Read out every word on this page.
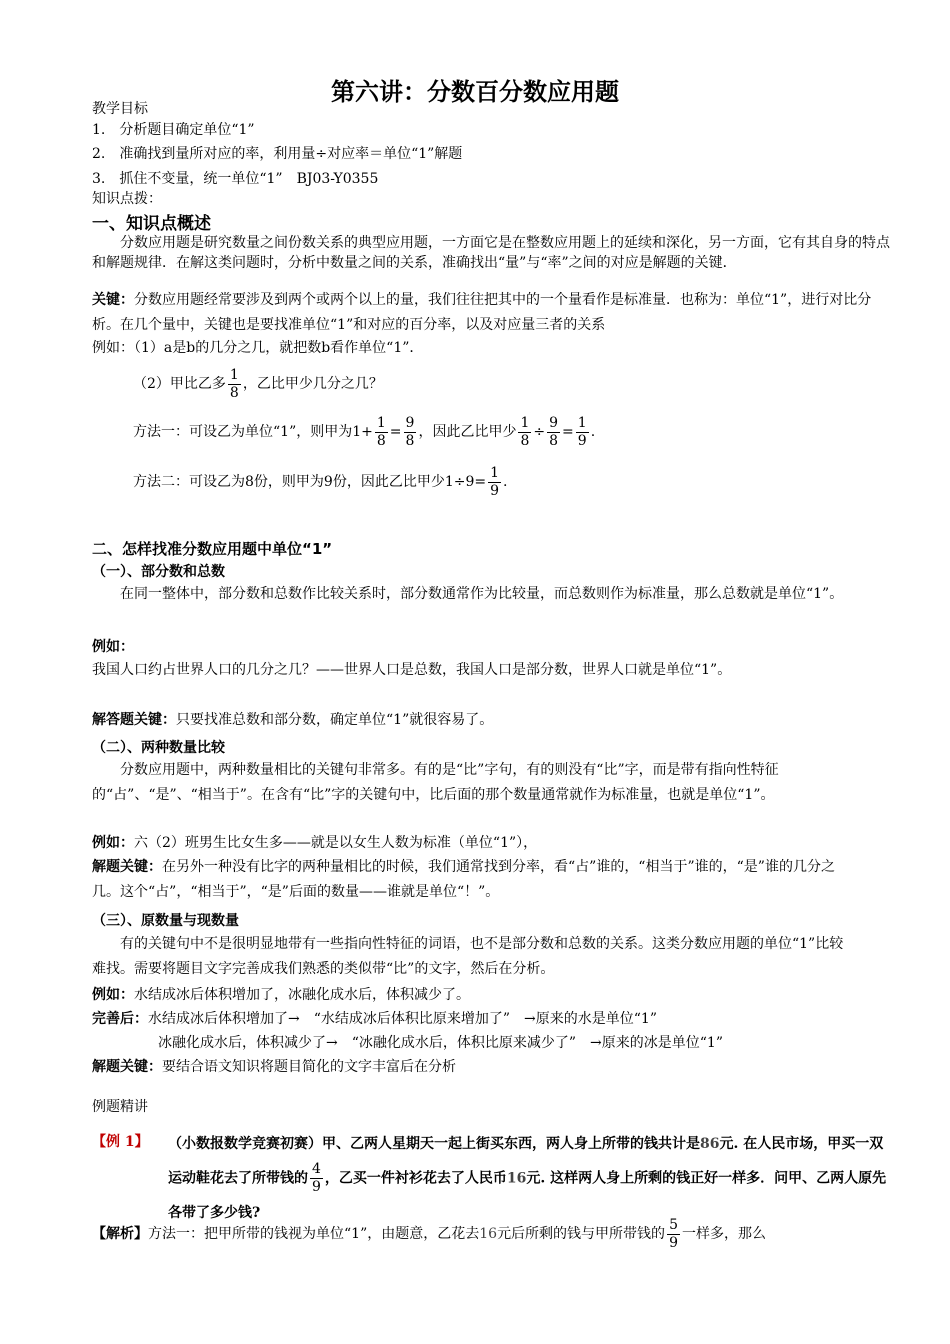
第六讲：分数百分数应用题
教学目标
1.　分析题目确定单位“1”
2.　准确找到量所对应的率，利用量÷对应率＝单位“1”解题
3.　抓住不变量，统一单位“1”　BJ03-Y0355
知识点拨：
一、知识点概述
分数应用题是研究数量之间份数关系的典型应用题，一方面它是在整数应用题上的延续和深化，另一方面，它有其自身的特点和解题规律．在解这类问题时，分析中数量之间的关系，准确找出“量”与“率”之间的对应是解题的关键．
关键：分数应用题经常要涉及到两个或两个以上的量，我们往往把其中的一个量看作是标准量．也称为：单位“1”，进行对比分析。在几个量中，关键也是要找准单位“1”和对应的百分率，以及对应量三者的关系
例如：（1）a是b的几分之几，就把数b看作单位“1”．
（2）甲比乙多 $\frac{1}{8}$ ，乙比甲少几分之几？
方法一：可设乙为单位“1”，则甲为$1+ \frac{1}{8} = \frac{9}{8}$ ，因此乙比甲少 $\frac{1}{8} \div \frac{9}{8} = \frac{1}{9}$ .
方法二：可设乙为8份，则甲为9份，因此乙比甲少$1\div 9= \frac{1}{9}$ .
二、怎样找准分数应用题中单位“1”
（一）、部分数和总数
在同一整体中，部分数和总数作比较关系时，部分数通常作为比较量，而总数则作为标准量，那么总数就是单位“1”。
例如：
我国人口约占世界人口的几分之几？——世界人口是总数，我国人口是部分数，世界人口就是单位“1”。
解答题关键：只要找准总数和部分数，确定单位“1”就很容易了。
（二）、两种数量比较
分数应用题中，两种数量相比的关键句非常多。有的是“比”字句，有的则没有“比”字，而是带有指向性特征的“占”、“是”、“相当于”。在含有“比”字的关键句中，比后面的那个数量通常就作为标准量，也就是单位“1”。
例如：六（2）班男生比女生多——就是以女生人数为标准（单位“1”），
解题关键：在另外一种没有比字的两种量相比的时候，我们通常找到分率，看“占”谁的，“相当于”谁的，“是”谁的几分之几。这个“占”，“相当于”，“是”后面的数量——谁就是单位“！”。
（三）、原数量与现数量
有的关键句中不是很明显地带有一些指向性特征的词语，也不是部分数和总数的关系。这类分数应用题的单位“1”比较难找。需要将题目文字完善成我们熟悉的类似带“比”的文字，然后在分析。
例如：水结成冰后体积增加了，冰融化成水后，体积减少了。
完善后：水结成冰后体积增加了→　“水结成冰后体积比原来增加了”　→原来的水是单位“1”
冰融化成水后，体积减少了→　“冰融化成水后，体积比原来减少了”　→原来的冰是单位“1”
解题关键：要结合语文知识将题目简化的文字丰富后在分析
例题精讲
【例 1】 （小数报数学竞赛初赛）甲、乙两人星期天一起上街买东西，两人身上所带的钱共计是86元. 在人民市场，甲买一双运动鞋花去了所带钱的 $\frac{4}{9}$ ，乙买一件衬衫花去了人民币16元. 这样两人身上所剩的钱正好一样多．问甲、乙两人原先各带了多少钱?
【解析】方法一：把甲所带的钱视为单位“1”，由题意，乙花去16元后所剩的钱与甲所带钱的 $\frac{5}{9}$ 一样多，那么
